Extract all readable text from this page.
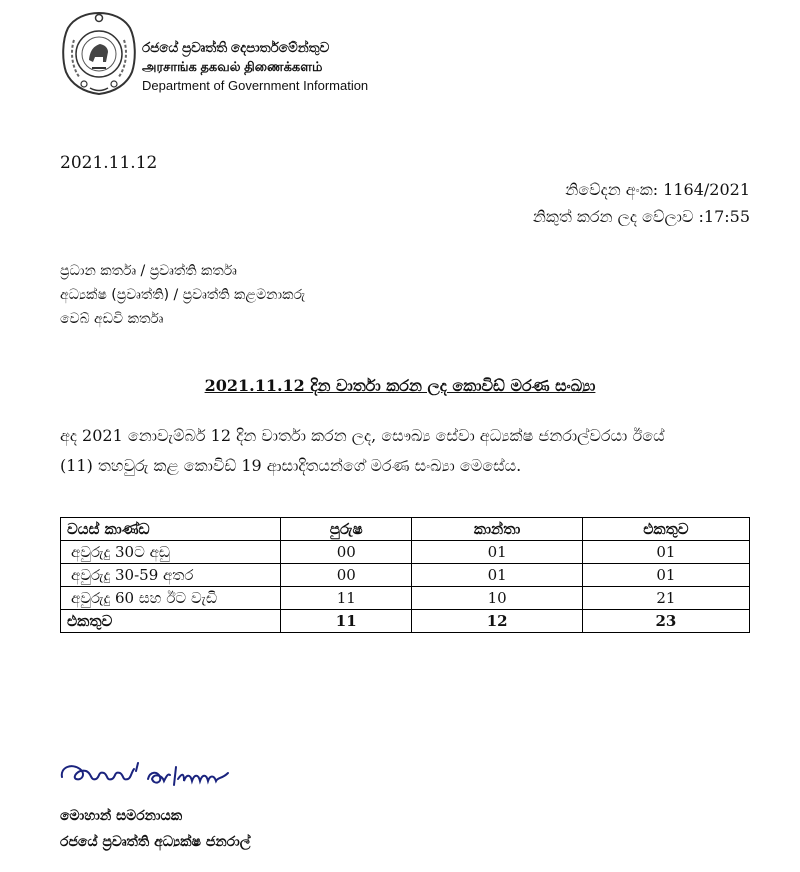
රජයේ ප්‍රවෘත්ති දෙපාර්තමේන්තුව
அரசாங்க தகவல் திணைக்களம்
Department of Government Information
2021.11.12
නිවේදන අංක: 1164/2021
නිකුත් කරන ලද වේලාව :17:55
ප්‍රධාන කර්තෘ / ප්‍රවෘත්ති කර්තෘ
අධ්‍යක්ෂ (ප්‍රවෘත්ති) / ප්‍රවෘත්ති කළමනාකරු
වෙබ් අඩවි කර්තෘ
2021.11.12 දින වාර්තා කරන ලද කොවිඩ් මරණ සංඛ්‍යා
අද 2021 නොවැම්බර් 12 දින වාර්තා කරන ලද, සෞඛ්‍ය සේවා අධ්‍යක්ෂ ජනරාල්වරයා ඊයේ
(11) තහවුරු කළ කොවිඩ් 19 ආසාදිතයන්ගේ මරණ සංඛ්‍යා මෙසේය.
වයස් කාණ්ඩ	පුරුෂ	කාන්තා	එකතුව
අවුරුදු 30ට අඩු	00	01	01
අවුරුදු 30-59 අතර	00	01	01
අවුරුදු 60 සහ ඊට වැඩි	11	10	21
එකතුව	11	12	23
මොහාන් සමරනායක
රජයේ ප්‍රවෘත්ති අධ්‍යක්ෂ ජනරාල්
